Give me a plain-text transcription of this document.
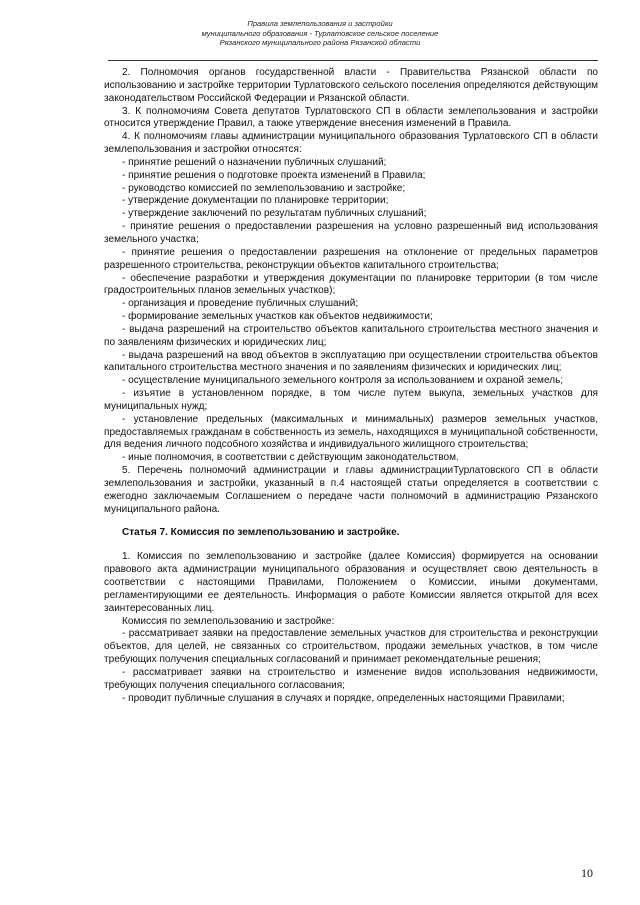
Правила землепользования и застройки
муниципального образования - Турлатовское сельское поселение
Рязанского муниципального района Рязанской области

2. Полномочия органов государственной власти - Правительства Рязанской области по использованию и застройке территории Турлатовского сельского поселения определяются действующим законодательством Российской Федерации и Рязанской области.

3. К полномочиям Совета депутатов Турлатовского СП в области землепользования и застройки относится утверждение Правил, а также утверждение внесения изменений в Правила.

4. К полномочиям главы администрации муниципального образования Турлатовского СП в области землепользования и застройки относятся:

- принятие решений о назначении публичных слушаний;

- принятие решения о подготовке проекта изменений в Правила;

- руководство комиссией по землепользованию и застройке;

- утверждение документации по планировке территории;

- утверждение заключений по результатам публичных слушаний;

- принятие решения о предоставлении разрешения на условно разрешенный вид использования земельного участка;

- принятие решения о предоставлении разрешения на отклонение от предельных параметров разрешенного строительства, реконструкции объектов капитального строительства;

- обеспечение разработки и утверждения документации по планировке территории (в том числе градостроительных планов земельных участков);

- организация и проведение публичных слушаний;

- формирование земельных участков как объектов недвижимости;

- выдача разрешений на строительство объектов капитального строительства местного значения и по заявлениям физических и юридических лиц;

- выдача разрешений на ввод объектов в эксплуатацию при осуществлении строительства объектов капитального строительства местного значения и по заявлениям физических и юридических лиц;

- осуществление муниципального земельного контроля за использованием и охраной земель;

- изъятие в установленном порядке, в том числе путем выкупа, земельных участков для муниципальных нужд;

- установление предельных (максимальных и минимальных) размеров земельных участков, предоставляемых гражданам в собственность из земель, находящихся в муниципальной собственности, для ведения личного подсобного хозяйства и индивидуального жилищного строительства;

- иные полномочия, в соответствии с действующим законодательством.

5. Перечень полномочий администрации и главы администрацииТурлатовского СП в области землепользования и застройки, указанный в п.4 настоящей статьи определяется в соответствии с ежегодно заключаемым Соглашением о передаче части полномочий в администрацию Рязанского муниципального района.

Статья 7. Комиссия по землепользованию и застройке.

1. Комиссия по землепользованию и застройке (далее Комиссия) формируется на основании правового акта администрации муниципального образования и осуществляет свою деятельность в соответствии с настоящими Правилами, Положением о Комиссии, иными документами, регламентирующими ее деятельность. Информация о работе Комиссии является открытой для всех заинтересованных лиц.

Комиссия по землепользованию и застройке:

- рассматривает заявки на предоставление земельных участков для строительства и реконструкции объектов, для целей, не связанных со строительством, продажи земельных участков, в том числе требующих получения специальных согласований и принимает рекомендательные решения;

- рассматривает заявки на строительство и изменение видов использования недвижимости, требующих получения специального согласования;

- проводит публичные слушания в случаях и порядке, определенных настоящими Правилами;

10
